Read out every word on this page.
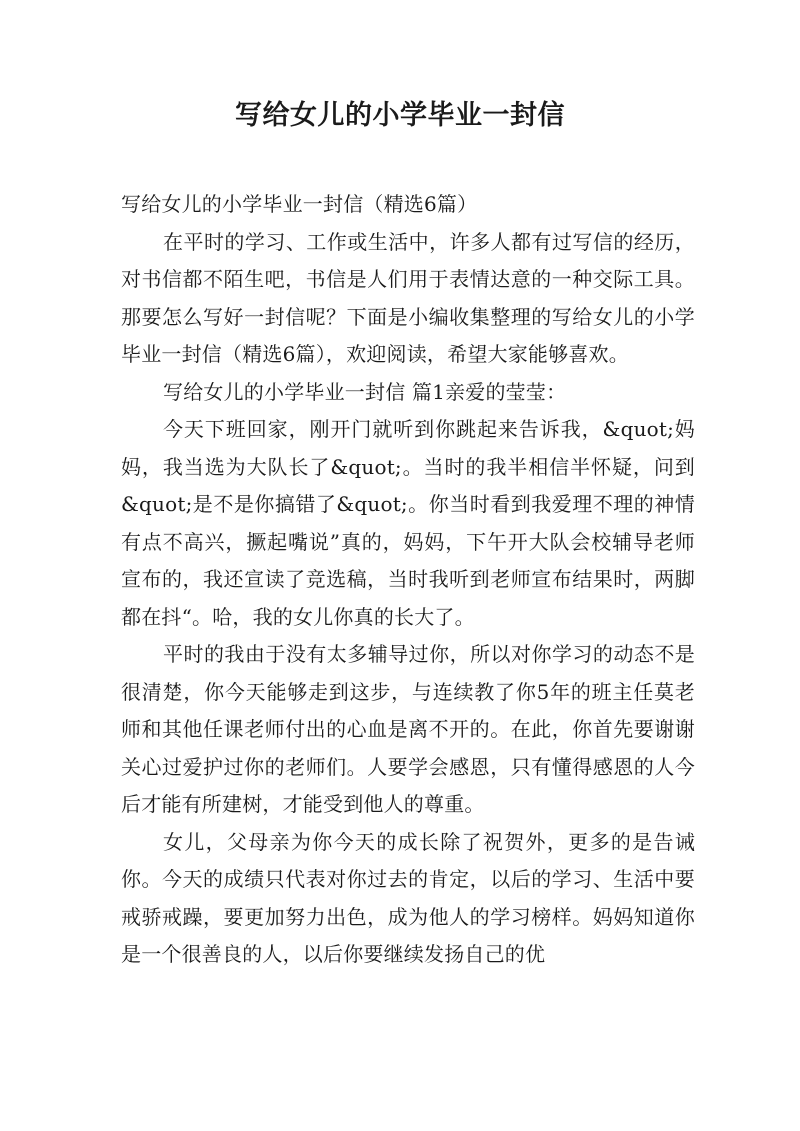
写给女儿的小学毕业一封信

写给女儿的小学毕业一封信（精选6篇）

在平时的学习、工作或生活中，许多人都有过写信的经历，对书信都不陌生吧，书信是人们用于表情达意的一种交际工具。那要怎么写好一封信呢？下面是小编收集整理的写给女儿的小学毕业一封信（精选6篇），欢迎阅读，希望大家能够喜欢。

写给女儿的小学毕业一封信 篇1亲爱的莹莹：

今天下班回家，刚开门就听到你跳起来告诉我，&quot;妈妈，我当选为大队长了&quot;。当时的我半相信半怀疑，问到&quot;是不是你搞错了&quot;。你当时看到我爱理不理的神情有点不高兴，撅起嘴说”真的，妈妈，下午开大队会校辅导老师宣布的，我还宣读了竞选稿，当时我听到老师宣布结果时，两脚都在抖“。哈，我的女儿你真的长大了。

平时的我由于没有太多辅导过你，所以对你学习的动态不是很清楚，你今天能够走到这步，与连续教了你5年的班主任莫老师和其他任课老师付出的心血是离不开的。在此，你首先要谢谢关心过爱护过你的老师们。人要学会感恩，只有懂得感恩的人今后才能有所建树，才能受到他人的尊重。

女儿，父母亲为你今天的成长除了祝贺外，更多的是告诫你。今天的成绩只代表对你过去的肯定，以后的学习、生活中要戒骄戒躁，要更加努力出色，成为他人的学习榜样。妈妈知道你是一个很善良的人，以后你要继续发扬自己的优
